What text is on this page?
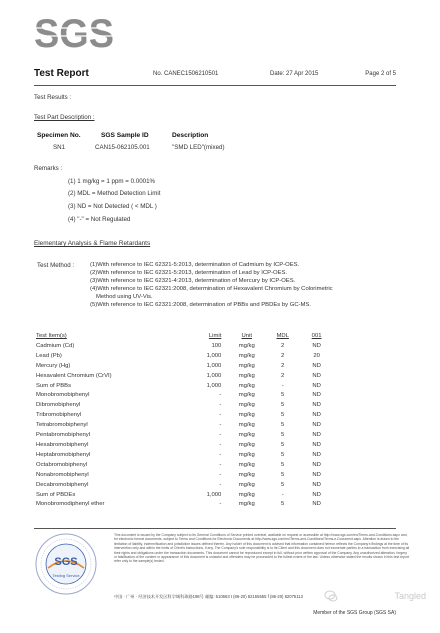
SGS
Test Report	No. CANEC1506210501	Date: 27 Apr 2015	Page 2 of 5
Test Results :
Test Part Description :
Specimen No.	SGS Sample ID	Description
SN1	CAN15-062105.001	"SMD LED"(mixed)
Remarks :
(1) 1 mg/kg = 1 ppm = 0.0001%
(2) MDL = Method Detection Limit
(3) ND = Not Detected ( < MDL )
(4) "-" = Not Regulated
Elementary Analysis & Flame Retardants
Test Method :	(1)With reference to IEC 62321-5:2013, determination of Cadmium by ICP-OES.
(2)With reference to IEC 62321-5:2013, determination of Lead by ICP-OES.
(3)With reference to IEC 62321-4:2013, determination of Mercury by ICP-OES.
(4)With reference to IEC 62321:2008, determination of Hexavalent Chromium by Colorimetric
Method using UV-Vis.
(5)With reference to IEC 62321:2008, determination of PBBs and PBDEs by GC-MS.
Test Item(s)	Limit	Unit	MDL	001
Cadmium (Cd)	100	mg/kg	2	ND
Lead (Pb)	1,000	mg/kg	2	20
Mercury (Hg)	1,000	mg/kg	2	ND
Hexavalent Chromium (CrVI)	1,000	mg/kg	2	ND
Sum of PBBs	1,000	mg/kg	-	ND
Monobromobiphenyl	-	mg/kg	5	ND
Dibromobiphenyl	-	mg/kg	5	ND
Tribromobiphenyl	-	mg/kg	5	ND
Tetrabromobiphenyl	-	mg/kg	5	ND
Pentabromobiphenyl	-	mg/kg	5	ND
Hexabromobiphenyl	-	mg/kg	5	ND
Heptabromobiphenyl	-	mg/kg	5	ND
Octabromobiphenyl	-	mg/kg	5	ND
Nonabromobiphenyl	-	mg/kg	5	ND
Decabromobiphenyl	-	mg/kg	5	ND
Sum of PBDEs	1,000	mg/kg	-	ND
Monobromodiphenyl ether	-	mg/kg	5	ND
SGS
Testing Service
This document is issued by the Company subject to its General Conditions of Service printed overleaf, available on request or accessible at http://www.sgs.com/en/Terms-and-Conditions.aspx and, for electronic format documents, subject to Terms and Conditions for Electronic Documents at http://www.sgs.com/en/Terms-and-Conditions/Terms-e-Document.aspx. Attention is drawn to the limitation of liability, indemnification and jurisdiction issues defined therein. Any holder of this document is advised that information contained hereon reflects the Company's findings at the time of its intervention only and within the limits of Client's instructions, if any. The Company's sole responsibility is to its Client and this document does not exonerate parties to a transaction from exercising all their rights and obligations under the transaction documents. This document cannot be reproduced except in full, without prior written approval of the Company. Any unauthorized alteration, forgery or falsification of the content or appearance of this document is unlawful and offenders may be prosecuted to the fullest extent of the law. Unless otherwise stated the results shown in this test report refer only to the sample(s) tested.
中国 · 广州 · 经济技术开发区科学城科珠路198号 邮编: 510663 t (86-20) 82155555 f (86-20) 82075113	Tangled
Member of the SGS Group (SGS SA)
